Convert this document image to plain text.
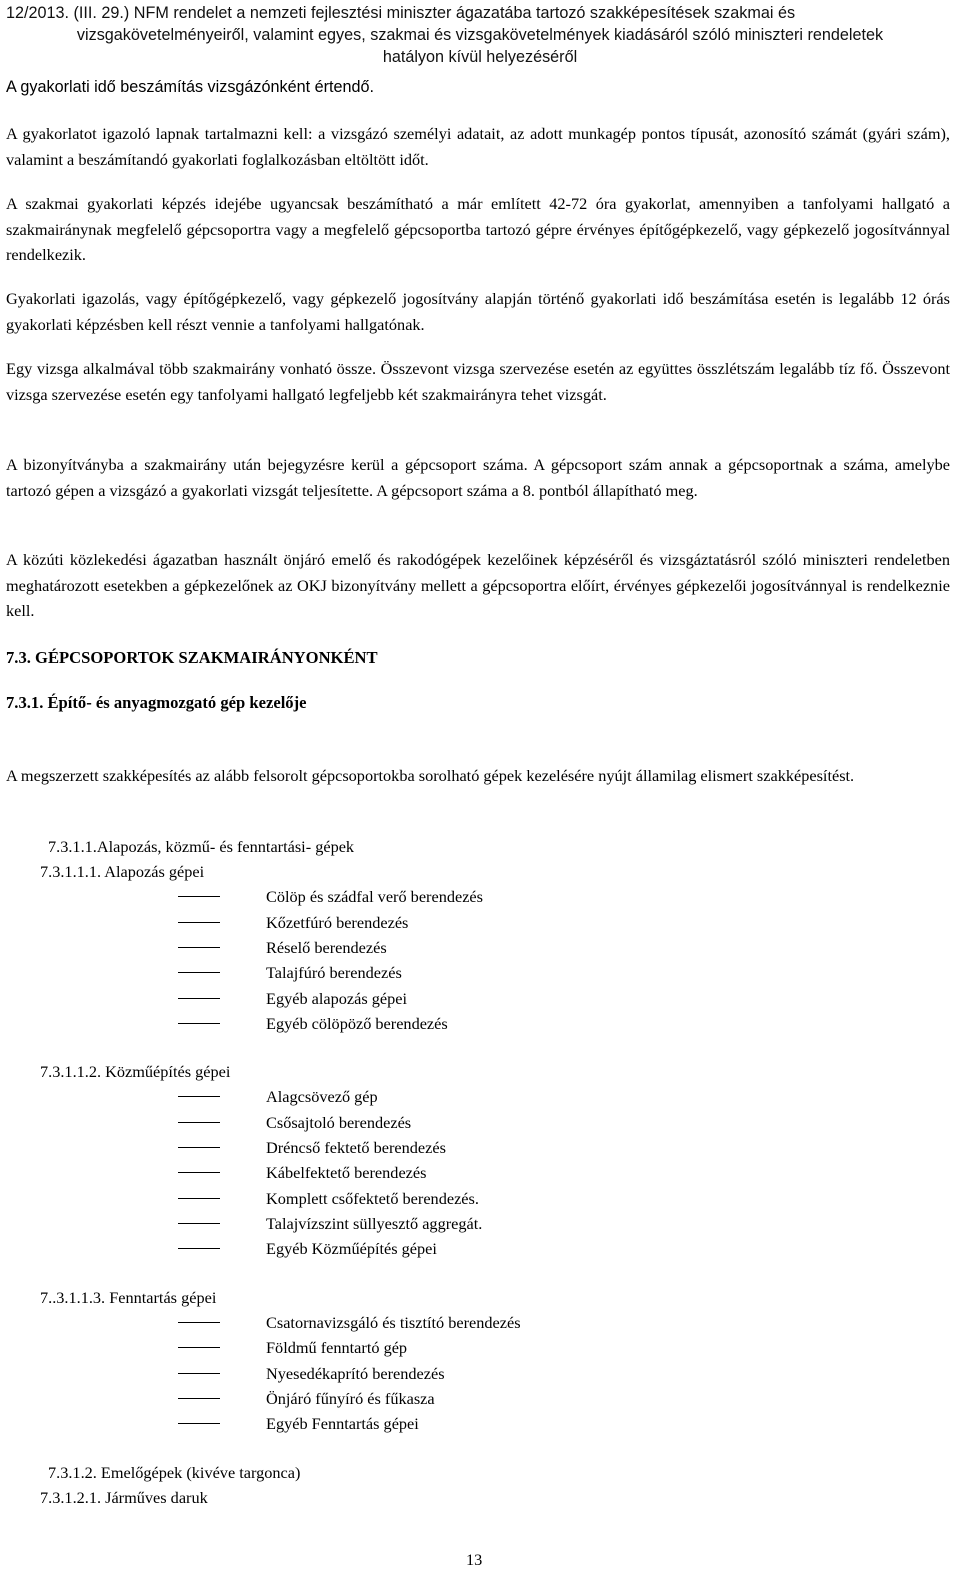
12/2013. (III. 29.) NFM rendelet a nemzeti fejlesztési miniszter ágazatába tartozó szakképesítések szakmai és
vizsgakövetelményeiről, valamint egyes, szakmai és vizsgakövetelmények kiadásáról szóló miniszteri rendeletek
hatályon kívül helyezéséről
A gyakorlati idő beszámítás vizsgázónként értendő.

A gyakorlatot igazoló lapnak tartalmazni kell: a vizsgázó személyi adatait, az adott munkagép pontos típusát, azonosító számát (gyári szám), valamint a beszámítandó gyakorlati foglalkozásban eltöltött időt.

A szakmai gyakorlati képzés idejébe ugyancsak beszámítható a már említett 42-72 óra gyakorlat, amennyiben a tanfolyami hallgató a szakmairánynak megfelelő gépcsoportra vagy a megfelelő gépcsoportba tartozó gépre érvényes építőgépkezelő, vagy gépkezelő jogosítvánnyal rendelkezik.

Gyakorlati igazolás, vagy építőgépkezelő, vagy gépkezelő jogosítvány alapján történő gyakorlati idő beszámítása esetén is legalább 12 órás gyakorlati képzésben kell részt vennie a tanfolyami hallgatónak.

Egy vizsga alkalmával több szakmairány vonható össze. Összevont vizsga szervezése esetén az együttes összlétszám legalább tíz fő. Összevont vizsga szervezése esetén egy tanfolyami hallgató legfeljebb két szakmairányra tehet vizsgát.

A bizonyítványba a szakmairány után bejegyzésre kerül a gépcsoport száma. A gépcsoport szám annak a gépcsoportnak a száma, amelybe tartozó gépen a vizsgázó a gyakorlati vizsgát teljesítette. A gépcsoport száma a 8. pontból állapítható meg.

A közúti közlekedési ágazatban használt önjáró emelő és rakodógépek kezelőinek képzéséről és vizsgáztatásról szóló miniszteri rendeletben meghatározott esetekben a gépkezelőnek az OKJ bizonyítvány mellett a gépcsoportra előírt, érvényes gépkezelői jogosítvánnyal is rendelkeznie kell.

7.3. GÉPCSOPORTOK SZAKMAIRÁNYONKÉNT
7.3.1. Építő- és anyagmozgató gép kezelője

A megszerzett szakképesítés az alább felsorolt gépcsoportokba sorolható gépek kezelésére nyújt államilag elismert szakképesítést.

7.3.1.1.Alapozás, közmű- és fenntartási- gépek
7.3.1.1.1. Alapozás gépei
Cölöp és szádfal verő berendezés
Kőzetfúró berendezés
Réselő berendezés
Talajfúró berendezés
Egyéb alapozás gépei
Egyéb cölöpöző berendezés
7.3.1.1.2. Közműépítés gépei
Alagcsövező gép
Csősajtoló berendezés
Dréncső fektető berendezés
Kábelfektető berendezés
Komplett csőfektető berendezés.
Talajvízszint süllyesztő aggregát.
Egyéb Közműépítés gépei
7..3.1.1.3. Fenntartás gépei
Csatornavizsgáló és tisztító berendezés
Földmű fenntartó gép
Nyesedékaprító berendezés
Önjáró fűnyíró és fűkasza
Egyéb Fenntartás gépei
7.3.1.2. Emelőgépek (kivéve targonca)
7.3.1.2.1. Járműves daruk
13
